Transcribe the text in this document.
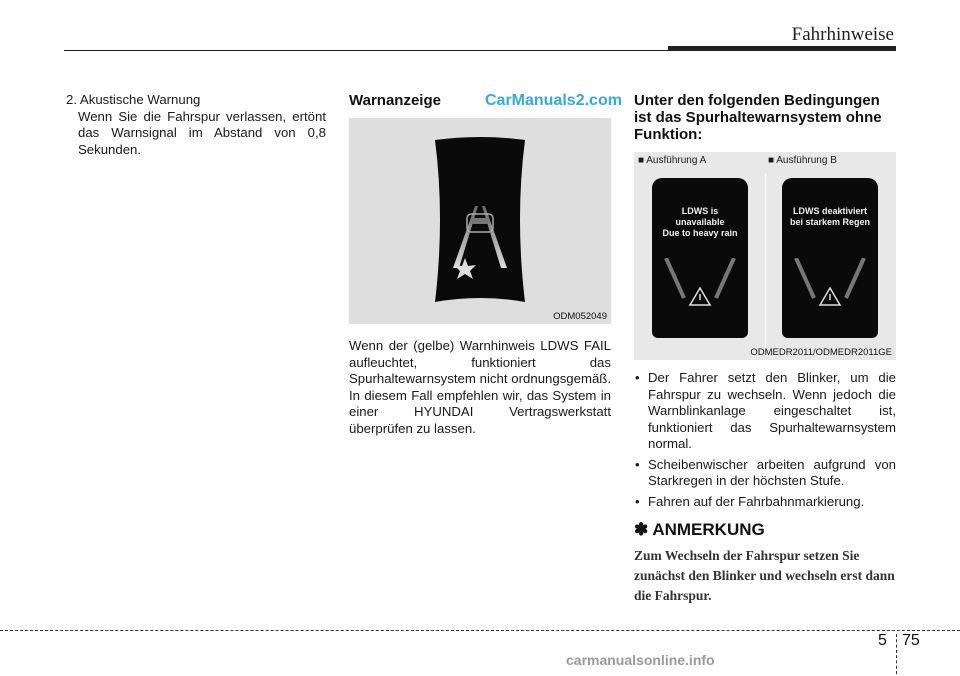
Fahrhinweise
2. Akustische Warnung
Wenn Sie die Fahrspur verlassen, ertönt das Warnsignal im Abstand von 0,8 Sekunden.
Warnanzeige	CarManuals2.com
ODM052049
Wenn der (gelbe) Warnhinweis LDWS FAIL aufleuchtet, funktioniert das Spurhaltewarnsystem nicht ordnungsgemäß. In diesem Fall empfehlen wir, das System in einer HYUNDAI Vertragswerkstatt überprüfen zu lassen.
Unter den folgenden Bedingungen ist das Spurhaltewarnsystem ohne Funktion:
■ Ausführung A	■ Ausführung B
LDWS is
unavailable
Due to heavy rain
LDWS deaktiviert
bei starkem Regen
ODMEDR2011/ODMEDR2011GE
• Der Fahrer setzt den Blinker, um die Fahrspur zu wechseln. Wenn jedoch die Warnblinkanlage eingeschaltet ist, funktioniert das Spurhaltewarnsystem normal.
• Scheibenwischer arbeiten aufgrund von Starkregen in der höchsten Stufe.
• Fahren auf der Fahrbahnmarkierung.
✽ ANMERKUNG
Zum Wechseln der Fahrspur setzen Sie zunächst den Blinker und wechseln erst dann die Fahrspur.
5 75
carmanualsonline.info
